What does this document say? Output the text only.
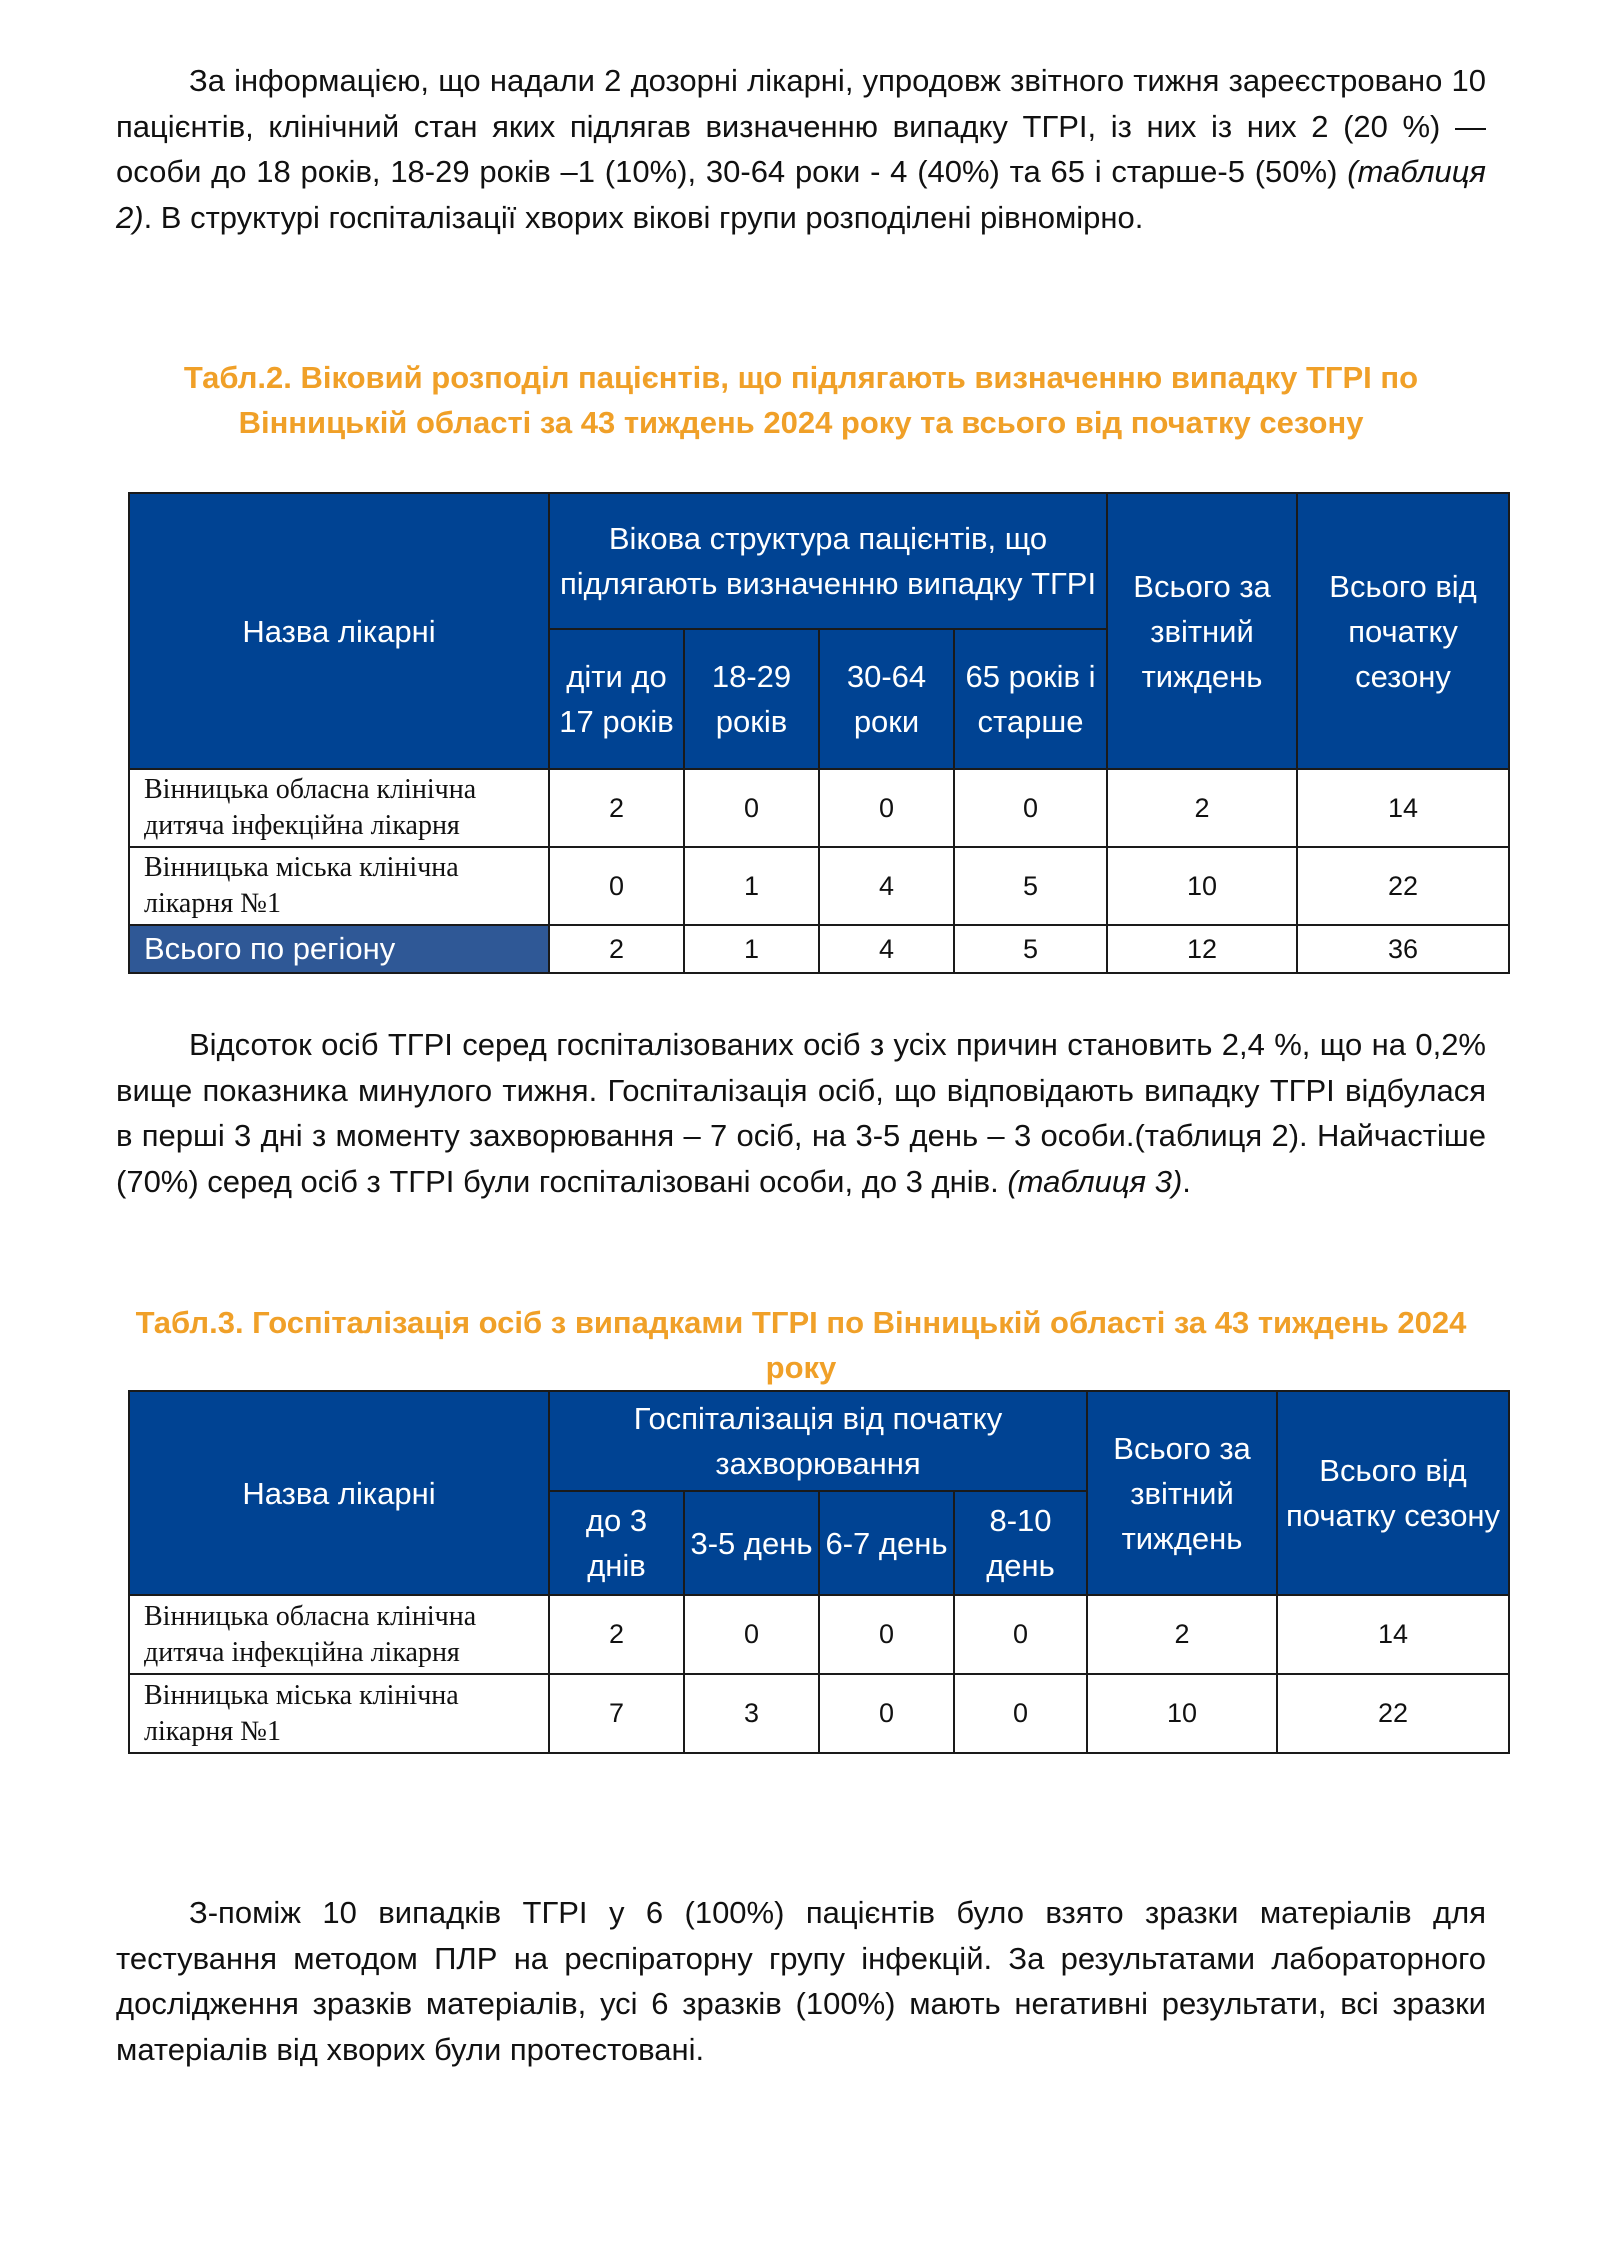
За інформацією, що надали 2 дозорні лікарні, упродовж звітного тижня зареєстровано 10 пацієнтів, клінічний стан яких підлягав визначенню випадку ТГРІ, із них із них 2 (20 %) — особи до 18 років, 18-29 років –1 (10%), 30-64 роки - 4 (40%) та 65 і старше-5 (50%) (таблиця 2). В структурі госпіталізації хворих вікові групи розподілені рівномірно.

Табл.2. Віковий розподіл пацієнтів, що підлягають визначенню випадку ТГРІ по Вінницькій області за 43 тиждень 2024 року та всього від початку сезону
Назва лікарні	Вікова структура пацієнтів, що підлягають визначенню випадку ТГРІ				Всього за звітний тиждень	Всього від початку сезону
	діти до 17 років	18-29 років	30-64 роки	65 років і старше		
Вінницька обласна клінічна дитяча інфекційна лікарня	2	0	0	0	2	14
Вінницька міська клінічна лікарня №1	0	1	4	5	10	22
Всього по регіону	2	1	4	5	12	36

Відсоток осіб ТГРІ серед госпіталізованих осіб з усіх причин становить 2,4 %, що на 0,2% вище показника минулого тижня. Госпіталізація осіб, що відповідають випадку ТГРІ відбулася в перші 3 дні з моменту захворювання – 7 осіб, на 3-5 день – 3 особи.(таблиця 2). Найчастіше (70%) серед осіб з ТГРІ були госпіталізовані особи, до 3 днів. (таблиця 3).

Табл.3. Госпіталізація осіб з випадками ТГРІ по Вінницькій області за 43 тиждень 2024 року
Назва лікарні	Госпіталізація від початку захворювання				Всього за звітний тиждень	Всього від початку сезону
	до 3 днів	3-5 день	6-7 день	8-10 день		
Вінницька обласна клінічна дитяча інфекційна лікарня	2	0	0	0	2	14
Вінницька міська клінічна лікарня №1	7	3	0	0	10	22

З-поміж 10 випадків ТГРІ у 6 (100%) пацієнтів було взято зразки матеріалів для тестування методом ПЛР на респіраторну групу інфекцій. За результатами лабораторного дослідження зразків матеріалів, усі 6 зразків (100%) мають негативні результати, всі зразки матеріалів від хворих були протестовані.
